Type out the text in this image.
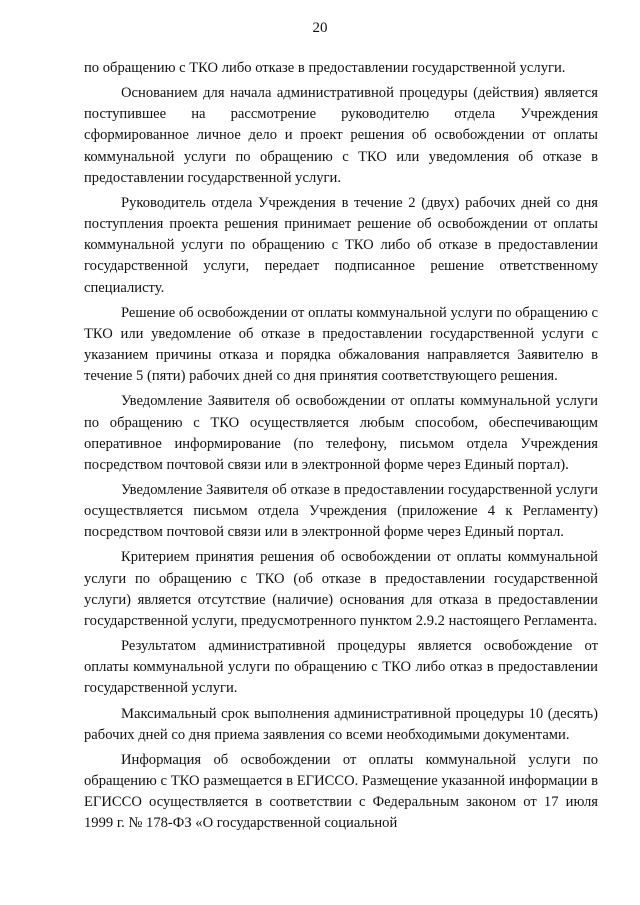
20

по обращению с ТКО либо отказе в предоставлении государственной услуги.

Основанием для начала административной процедуры (действия) является поступившее на рассмотрение руководителю отдела Учреждения сформированное личное дело и проект решения об освобождении от оплаты коммунальной услуги по обращению с ТКО или уведомления об отказе в предоставлении государственной услуги.

Руководитель отдела Учреждения в течение 2 (двух) рабочих дней со дня поступления проекта решения принимает решение об освобождении от оплаты коммунальной услуги по обращению с ТКО либо об отказе в предоставлении государственной услуги, передает подписанное решение ответственному специалисту.

Решение об освобождении от оплаты коммунальной услуги по обращению с ТКО или уведомление об отказе в предоставлении государственной услуги с указанием причины отказа и порядка обжалования направляется Заявителю в течение 5 (пяти) рабочих дней со дня принятия соответствующего решения.

Уведомление Заявителя об освобождении от оплаты коммунальной услуги по обращению с ТКО осуществляется любым способом, обеспечивающим оперативное информирование (по телефону, письмом отдела Учреждения посредством почтовой связи или в электронной форме через Единый портал).

Уведомление Заявителя об отказе в предоставлении государственной услуги осуществляется письмом отдела Учреждения (приложение 4 к Регламенту) посредством почтовой связи или в электронной форме через Единый портал.

Критерием принятия решения об освобождении от оплаты коммунальной услуги по обращению с ТКО (об отказе в предоставлении государственной услуги) является отсутствие (наличие) основания для отказа в предоставлении государственной услуги, предусмотренного пунктом 2.9.2 настоящего Регламента.

Результатом административной процедуры является освобождение от оплаты коммунальной услуги по обращению с ТКО либо отказ в предоставлении государственной услуги.

Максимальный срок выполнения административной процедуры 10 (десять) рабочих дней со дня приема заявления со всеми необходимыми документами.

Информация об освобождении от оплаты коммунальной услуги по обращению с ТКО размещается в ЕГИССО. Размещение указанной информации в ЕГИССО осуществляется в соответствии с Федеральным законом от 17 июля 1999 г. № 178-ФЗ «О государственной социальной
